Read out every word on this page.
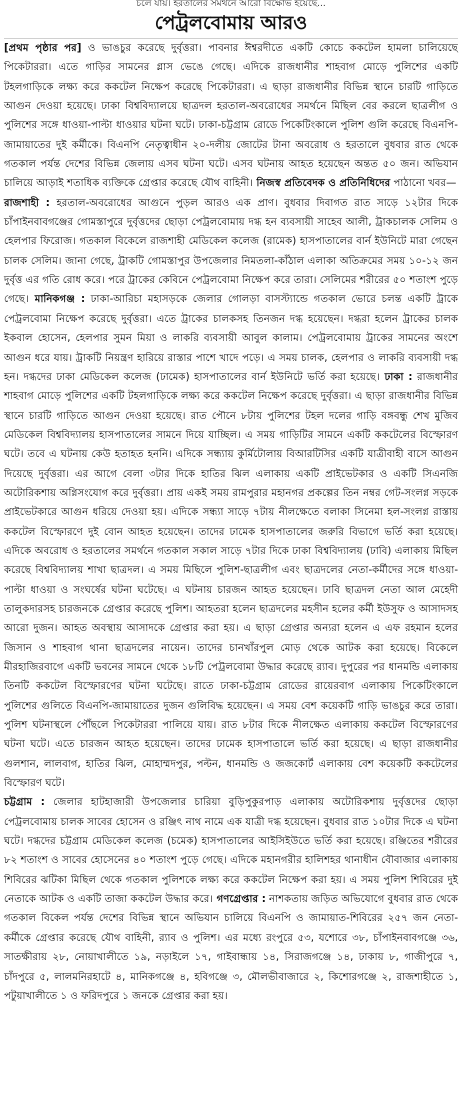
চলে যায়। হরতালের সমর্থনে আরো বিক্ষোভ হয়েছে...
পেট্রলবোমায় আরও

[প্রথম পৃষ্ঠার পর] ও ভাঙচুর করেছে দুর্বৃত্তরা। পাবনার ঈশ্বরদীতে একটি কোচে ককটেল হামলা চালিয়েছে পিকেটাররা। এতে গাড়ির সামনের গ্লাস ভেঙে গেছে। এদিকে রাজধানীর শাহবাগ মোড়ে পুলিশের একটি টহলগাড়িকে লক্ষ্য করে ককটেল নিক্ষেপ করেছে পিকেটাররা। এ ছাড়া রাজধানীর বিভিন্ন স্থানে চারটি গাড়িতে আগুন দেওয়া হয়েছে। ঢাকা বিশ্ববিদ্যালয়ে ছাত্রদল হরতাল-অবরোধের সমর্থনে মিছিল বের করলে ছাত্রলীগ ও পুলিশের সঙ্গে ধাওয়া-পাল্টা ধাওয়ার ঘটনা ঘটে। ঢাকা-চট্টগ্রাম রোডে পিকেটিংকালে পুলিশ গুলি করেছে বিএনপি-জামায়াতের দুই কর্মীকে। বিএনপি নেতৃত্বাধীন ২০-দলীয় জোটের টানা অবরোধ ও হরতালে বুধবার রাত থেকে গতকাল পর্যন্ত দেশের বিভিন্ন জেলায় এসব ঘটনা ঘটে। এসব ঘটনায় আহত হয়েছেন অন্তত ৫০ জন। অভিযান চালিয়ে আড়াই শতাধিক ব্যক্তিকে গ্রেপ্তার করেছে যৌথ বাহিনী। নিজস্ব প্রতিবেদক ও প্রতিনিধিদের পাঠানো খবর—

রাজশাহী : হরতাল-অবরোধের আগুনে পুড়ল আরও এক প্রাণ। বুধবার দিবাগত রাত সাড়ে ১২টার দিকে চাঁপাইনবাবগঞ্জের গোমস্তাপুরে দুর্বৃত্তদের ছোড়া পেট্রলবোমায় দগ্ধ হন ব্যবসায়ী সাহেব আলী, ট্রাকচালক সেলিম ও হেলপার ফিরোজ। গতকাল বিকেলে রাজশাহী মেডিকেল কলেজ (রামেক) হাসপাতালের বার্ন ইউনিটে মারা গেছেন চালক সেলিম। জানা গেছে, ট্রাকটি গোমস্তাপুর উপজেলার নিমতলা-কাঁঠাল এলাকা অতিক্রমের সময় ১০-১২ জন দুর্বৃত্ত এর গতি রোধ করে। পরে ট্রাকের কেবিনে পেট্রলবোমা নিক্ষেপ করে তারা। সেলিমের শরীরের ৫০ শতাংশ পুড়ে গেছে। মানিকগঞ্জ : ঢাকা-আরিচা মহাসড়কে জেলার গোলড়া বাসস্ট্যান্ডে গতকাল ভোরে চলন্ত একটি ট্রাকে পেট্রলবোমা নিক্ষেপ করেছে দুর্বৃত্তরা। এতে ট্রাকের চালকসহ তিনজন দগ্ধ হয়েছেন। দগ্ধরা হলেন ট্রাকের চালক ইকবাল হোসেন, হেলপার সুমন মিয়া ও লাকরি ব্যবসায়ী আবুল কালাম। পেট্রলবোমায় ট্রাকের সামনের অংশে আগুন ধরে যায়। ট্রাকটি নিয়ন্ত্রণ হারিয়ে রাস্তার পাশে খাদে পড়ে। এ সময় চালক, হেলপার ও লাকরি ব্যবসায়ী দগ্ধ হন। দগ্ধদের ঢাকা মেডিকেল কলেজ (ঢামেক) হাসপাতালের বার্ন ইউনিটে ভর্তি করা হয়েছে। ঢাকা : রাজধানীর শাহবাগ মোড়ে পুলিশের একটি টহলগাড়িকে লক্ষ্য করে ককটেল নিক্ষেপ করেছে দুর্বৃত্তরা। এ ছাড়া রাজধানীর বিভিন্ন স্থানে চারটি গাড়িতে আগুন দেওয়া হয়েছে। রাত পৌনে ৮টায় পুলিশের টহল দলের গাড়ি বঙ্গবন্ধু শেখ মুজিব মেডিকেল বিশ্ববিদ্যালয় হাসপাতালের সামনে দিয়ে যাচ্ছিল। এ সময় গাড়িটির সামনে একটি ককটেলের বিস্ফোরণ ঘটে। তবে এ ঘটনায় কেউ হতাহত হননি। এদিকে সন্ধ্যায় কুর্মিটোলায় বিআরটিসির একটি যাত্রীবাহী বাসে আগুন দিয়েছে দুর্বৃত্তরা। এর আগে বেলা ৩টার দিকে হাতির ঝিল এলাকায় একটি প্রাইভেটকার ও একটি সিএনজি অটোরিকশায় অগ্নিসংযোগ করে দুর্বৃত্তরা। প্রায় একই সময় রামপুরার মহানগর প্রকল্পের তিন নম্বর গেট-সংলগ্ন সড়কে প্রাইভেটকারে আগুন ধরিয়ে দেওয়া হয়। এদিকে সন্ধ্যা সাড়ে ৭টায় নীলক্ষেতে বলাকা সিনেমা হল-সংলগ্ন রাস্তায় ককটেল বিস্ফোরণে দুই বোন আহত হয়েছেন। তাদের ঢামেক হাসপাতালের জরুরি বিভাগে ভর্তি করা হয়েছে। এদিকে অবরোধ ও হরতালের সমর্থনে গতকাল সকাল সাড়ে ৭টার দিকে ঢাকা বিশ্ববিদ্যালয় (ঢাবি) এলাকায় মিছিল করেছে বিশ্ববিদ্যালয় শাখা ছাত্রদল। এ সময় মিছিলে পুলিশ-ছাত্রলীগ এবং ছাত্রদলের নেতা-কর্মীদের সঙ্গে ধাওয়া-পাল্টা ধাওয়া ও সংঘর্ষের ঘটনা ঘটেছে। এ ঘটনায় চারজন আহত হয়েছেন। ঢাবি ছাত্রদল নেতা আল মেহেদী তালুকদারসহ চারজনকে গ্রেপ্তার করেছে পুলিশ। আহতরা হলেন ছাত্রদলের মহসীন হলের কর্মী ইউসুফ ও আসাদসহ আরো দুজন। আহত অবস্থায় আসাদকে গ্রেপ্তার করা হয়। এ ছাড়া গ্রেপ্তার অন্যরা হলেন এ এফ রহমান হলের জিসান ও শাহবাগ থানা ছাত্রদলের নায়েন। তাদের চানখাঁরপুল মোড় থেকে আটক করা হয়েছে। বিকেলে মীরহাজিরবাগে একটি ভবনের সামনে থেকে ১৮টি পেট্রলবোমা উদ্ধার করেছে র‍্যাব। দুপুরের পর ধানমন্ডি এলাকায় তিনটি ককটেল বিস্ফোরণের ঘটনা ঘটেছে। রাতে ঢাকা-চট্টগ্রাম রোডের রায়েরবাগ এলাকায় পিকেটিংকালে পুলিশের গুলিতে বিএনপি-জামায়াতের দুজন গুলিবিদ্ধ হয়েছেন। এ সময় বেশ কয়েকটি গাড়ি ভাঙচুর করে তারা। পুলিশ ঘটনাস্থলে পৌঁছলে পিকেটাররা পালিয়ে যায়। রাত ৮টার দিকে নীলক্ষেত এলাকায় ককটেল বিস্ফোরণের ঘটনা ঘটে। এতে চারজন আহত হয়েছেন। তাদের ঢামেক হাসপাতালে ভর্তি করা হয়েছে। এ ছাড়া রাজধানীর গুলশান, লালবাগ, হাতির ঝিল, মোহাম্মদপুর, পল্টন, ধানমন্ডি ও জজকোর্ট এলাকায় বেশ কয়েকটি ককটেলের বিস্ফোরণ ঘটে।

চট্টগ্রাম : জেলার হাটহাজারী উপজেলার চারিয়া বুড়িপুকুরপাড় এলাকায় অটোরিকশায় দুর্বৃত্তদের ছোড়া পেট্রলবোমায় চালক সাবের হোসেন ও রঞ্জিৎ নাথ নামে এক যাত্রী দগ্ধ হয়েছেন। বুধবার রাত ১০টার দিকে এ ঘটনা ঘটে। দগ্ধদের চট্টগ্রাম মেডিকেল কলেজ (চমেক) হাসপাতালের আইসিইউতে ভর্তি করা হয়েছে। রঞ্জিতের শরীরের ৮২ শতাংশ ও সাবের হোসেনের ৪০ শতাংশ পুড়ে গেছে। এদিকে মহানগরীর হালিশহর থানাধীন বৌবাজার এলাকায় শিবিরের ঝটিকা মিছিল থেকে গতকাল পুলিশকে লক্ষ্য করে ককটেল নিক্ষেপ করা হয়। এ সময় পুলিশ শিবিরের দুই নেতাকে আটক ও একটি তাজা ককটেল উদ্ধার করে। গণগ্রেপ্তার : নাশকতায় জড়িত অভিযোগে বুধবার রাত থেকে গতকাল বিকেল পর্যন্ত দেশের বিভিন্ন স্থানে অভিযান চালিয়ে বিএনপি ও জামায়াত-শিবিরের ২৫৭ জন নেতা-কর্মীকে গ্রেপ্তার করেছে যৌথ বাহিনী, র‍্যাব ও পুলিশ। এর মধ্যে রংপুরে ৫৩, যশোরে ৩৮, চাঁপাইনবাবগঞ্জে ৩৬, সাতক্ষীরায় ২৮, নোয়াখালীতে ১৯, নড়াইলে ১৭, গাইবান্ধায় ১৪, সিরাজগঞ্জে ১৪, ঢাকায় ৮, গাজীপুরে ৭, চাঁদপুরে ৫, লালমনিরহাটে ৪, মানিকগঞ্জে ৪, হবিগঞ্জে ৩, মৌলভীবাজারে ২, কিশোরগঞ্জে ২, রাজশাহীতে ১, পটুয়াখালীতে ১ ও ফরিদপুরে ১ জনকে গ্রেপ্তার করা হয়।
